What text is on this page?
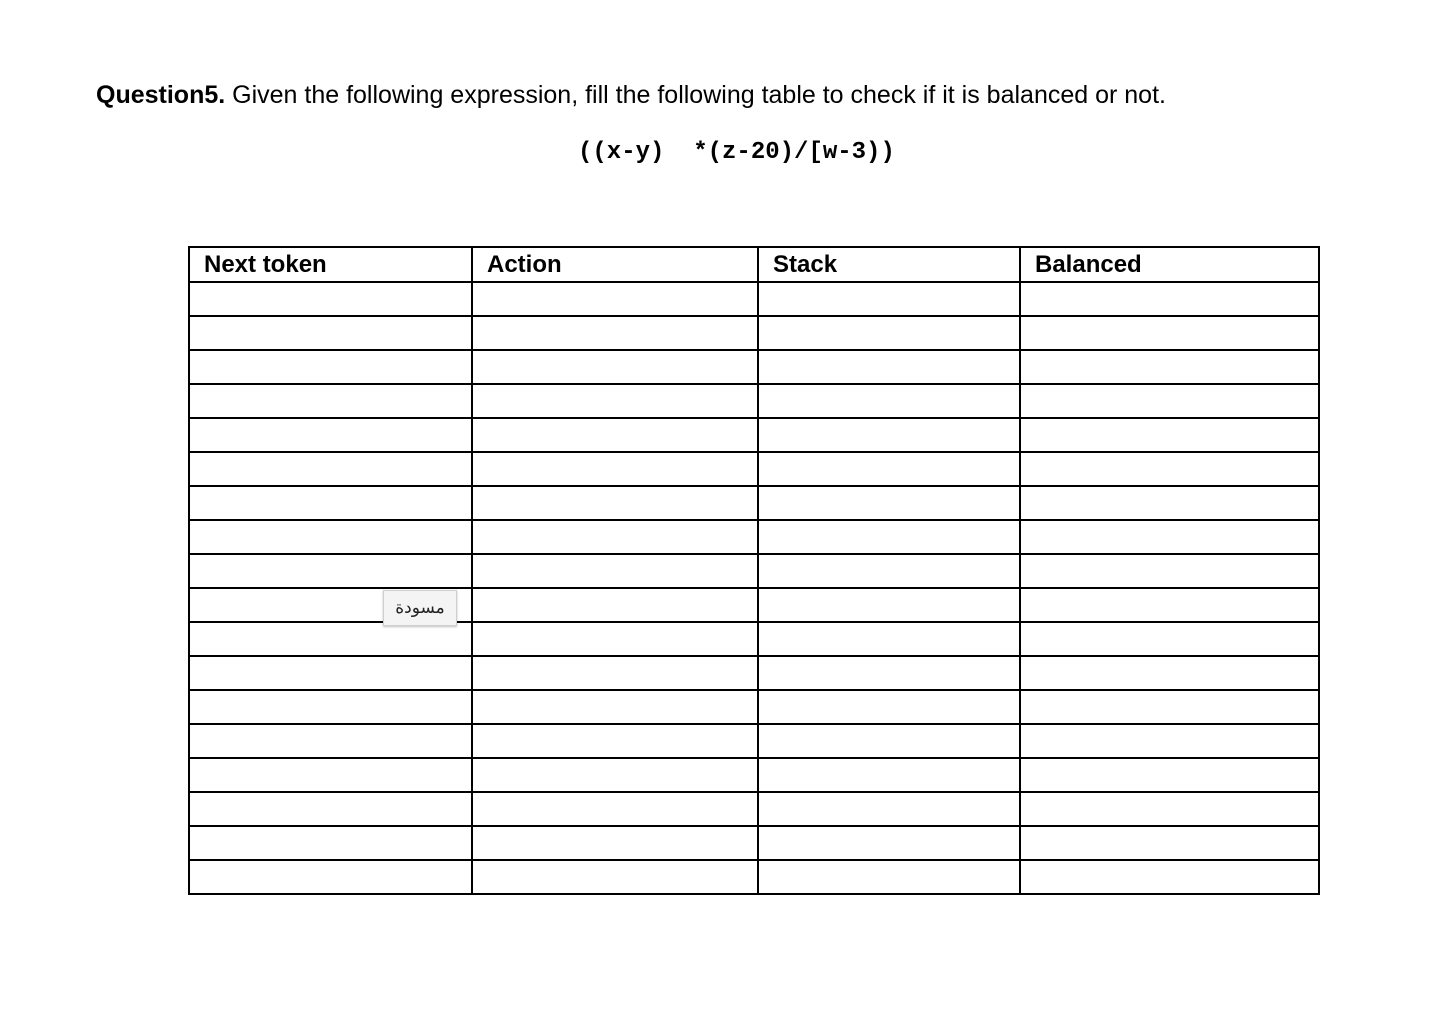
Question5. Given the following expression, fill the following table to check if it is balanced or not.
((x-y)  *(z-20)/[w-3))
Next token	Action	Stack	Balanced

مسودة			
